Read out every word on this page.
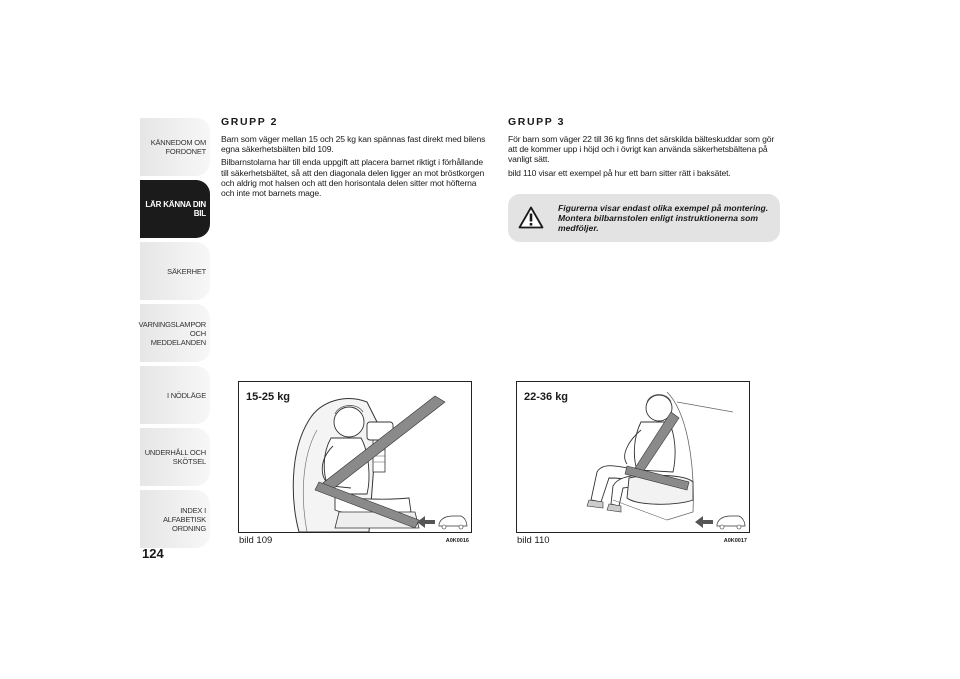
KÄNNEDOM OM FORDONET
LÄR KÄNNA DIN BIL
SÄKERHET
VARNINGSLAMPOR OCH MEDDELANDEN
I NÖDLÄGE
UNDERHÅLL OCH SKÖTSEL
INDEX I ALFABETISK ORDNING
124
GRUPP 2

Barn som väger mellan 15 och 25 kg kan spännas fast direkt med bilens egna säkerhetsbälten bild 109.

Bilbarnstolarna har till enda uppgift att placera barnet riktigt i förhållande till säkerhetsbältet, så att den diagonala delen ligger an mot bröstkorgen och aldrig mot halsen och att den horisontala delen sitter mot höfterna och inte mot barnets mage.

GRUPP 3

För barn som väger 22 till 36 kg finns det särskilda bälteskuddar som gör att de kommer upp i höjd och i övrigt kan använda säkerhetsbältena på vanligt sätt.

bild 110 visar ett exempel på hur ett barn sitter rätt i baksätet.

Figurerna visar endast olika exempel på montering. Montera bilbarnstolen enligt instruktionerna som medföljer.
15-25 kg
bild 109	A0K0016
22-36 kg
bild 110	A0K0017
